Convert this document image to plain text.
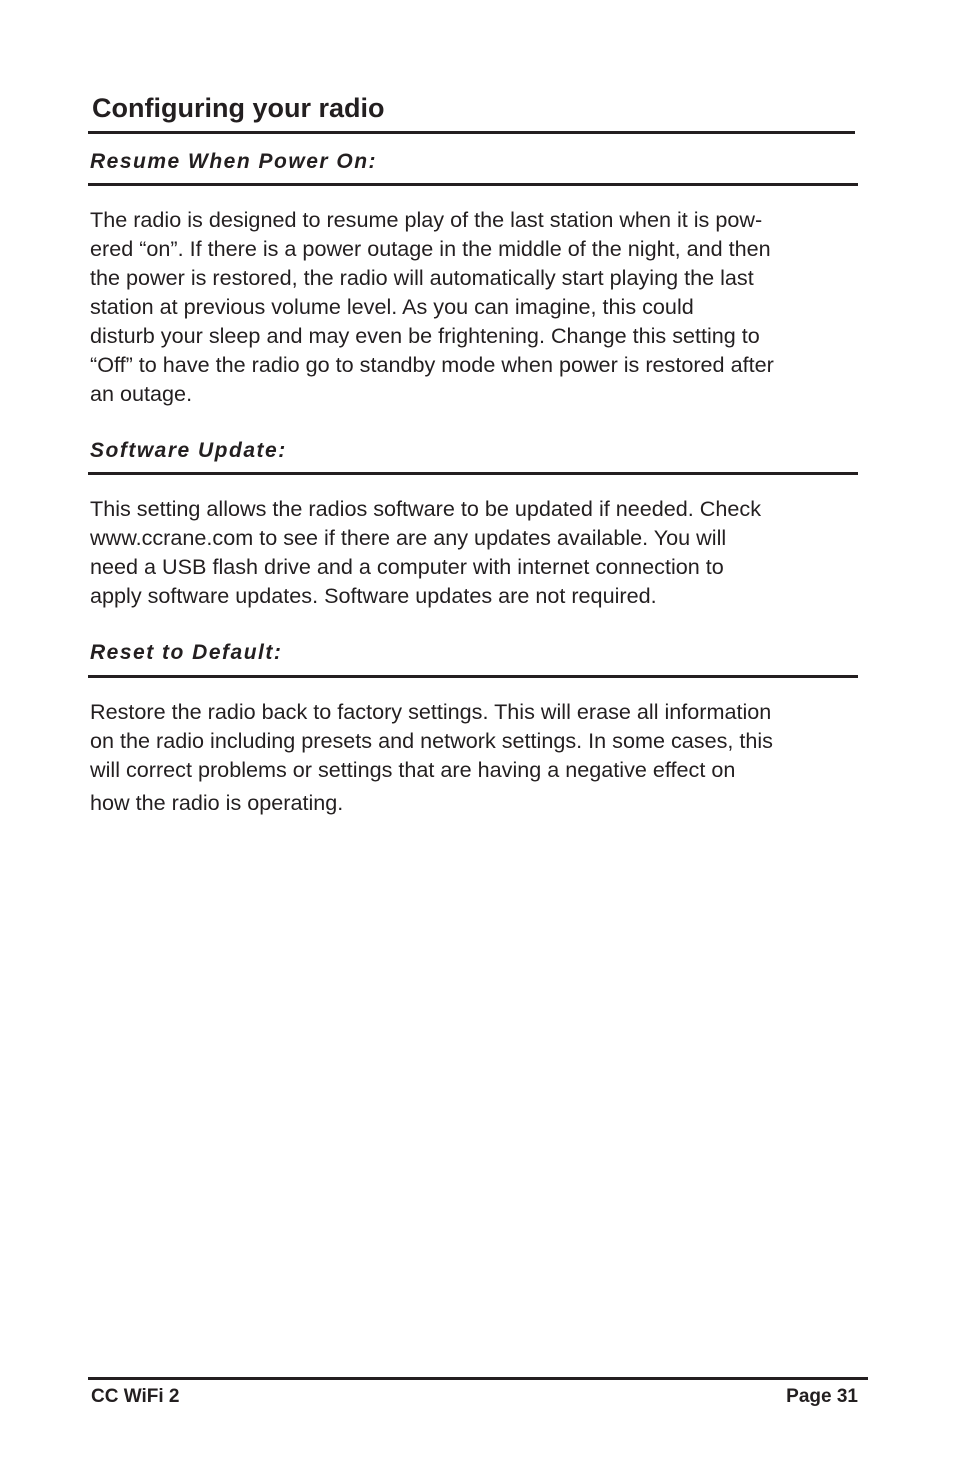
Configuring your radio
Resume When Power On:
The radio is designed to resume play of the last station when it is pow-
ered “on”. If there is a power outage in the middle of the night, and then
the power is restored, the radio will automatically start playing the last
station at previous volume level. As you can imagine, this could
disturb your sleep and may even be frightening. Change this setting to
“Off” to have the radio go to standby mode when power is restored after
an outage.
Software Update:
This setting allows the radios software to be updated if needed. Check
www.ccrane.com to see if there are any updates available. You will
need a USB flash drive and a computer with internet connection to
apply software updates. Software updates are not required.
Reset to Default:
Restore the radio back to factory settings. This will erase all information
on the radio including presets and network settings. In some cases, this
will correct problems or settings that are having a negative effect on
how the radio is operating.
CC WiFi 2	Page 31
